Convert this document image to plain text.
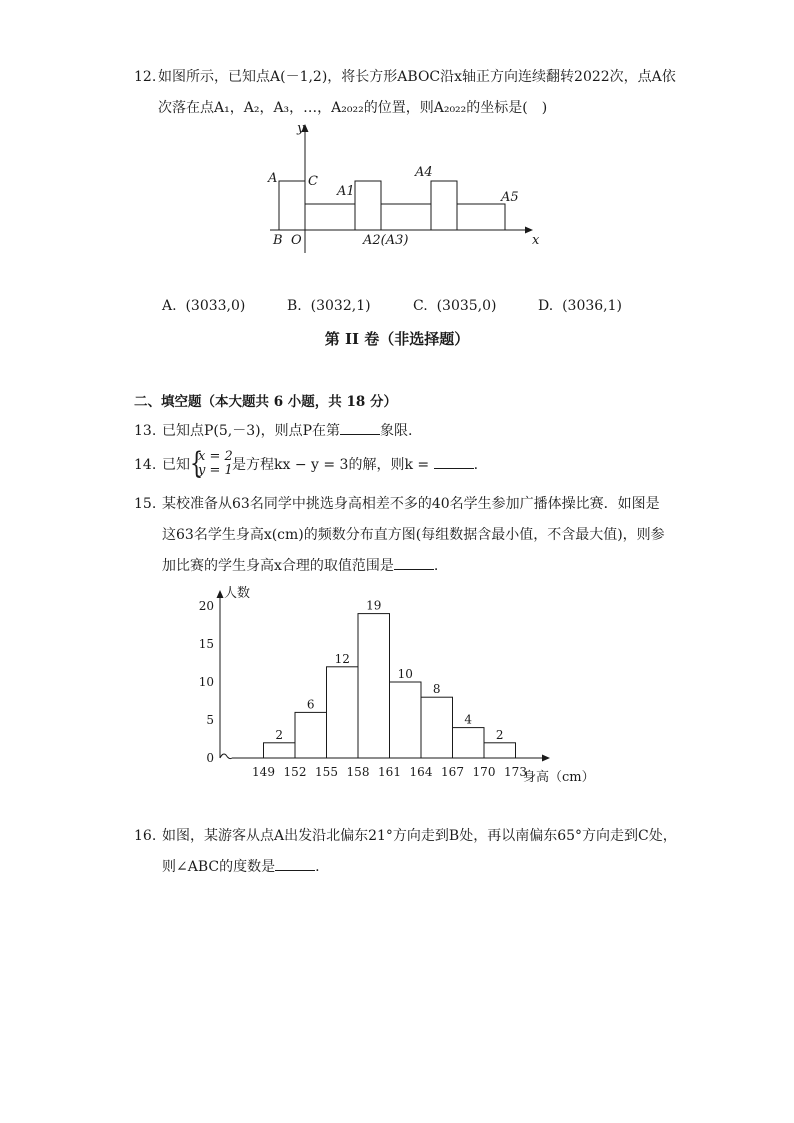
12. 如图所示，已知点A(－1,2)，将长方形ABOC沿x轴正方向连续翻转2022次，点A依
次落在点A₁，A₂，A₃，…，A₂₀₂₂的位置，则A₂₀₂₂的坐标是(　)
y
x
A C
B O
A1
A4
A5
A2(A3)
A. (3033,0)	B. (3032,1)	C. (3035,0)	D. (3036,1)
第 II 卷（非选择题）
二、填空题（本大题共 6 小题，共 18 分）
13. 已知点P(5,－3)，则点P在第	象限.
14. 已知 {
x = 2
y = 1 是方程kx − y = 3的解，则k =	.
15. 某校准备从63名同学中挑选身高相差不多的40名学生参加广播体操比赛．如图是
这63名学生身高x(cm)的频数分布直方图(每组数据含最小值，不含最大值)，则参
加比赛的学生身高x合理的取值范围是	.
人数
身高（cm）
0
5
10
15
20
2
6
12
19
10
8
4
2
149 152 155 158 161 164 167 170 173
16. 如图，某游客从点A出发沿北偏东21°方向走到B处，再以南偏东65°方向走到C处，
则∠ABC的度数是	.
